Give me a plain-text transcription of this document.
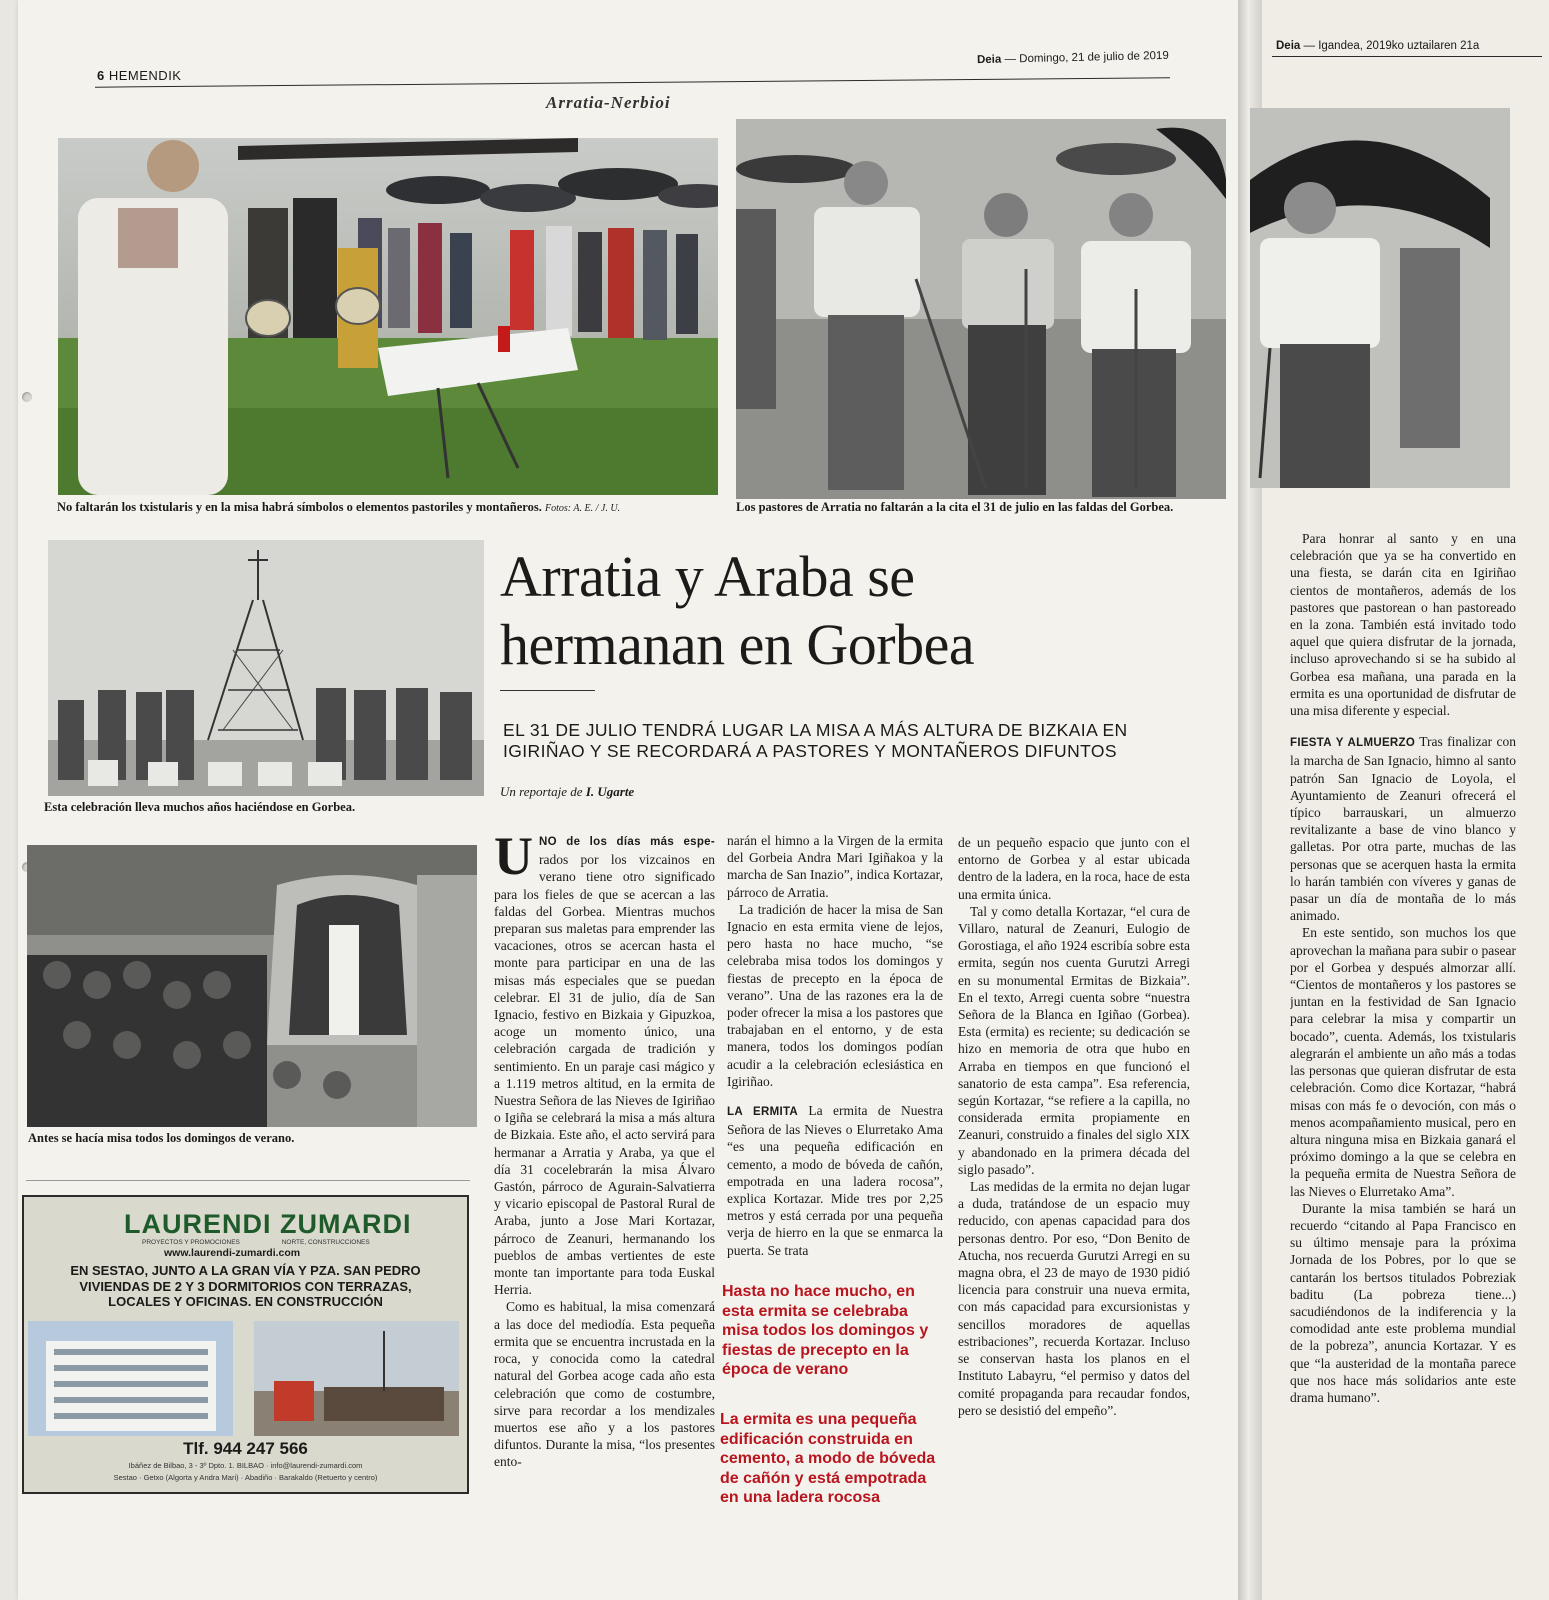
6 HEMENDIK
Deia — Domingo, 21 de julio de 2019
Deia — Igandea, 2019ko uztailaren 21a
Arratia-Nerbioi
No faltarán los txistularis y en la misa habrá símbolos o elementos pastoriles y montañeros. Fotos: A. E. / J. U.	Los pastores de Arratia no faltarán a la cita el 31 de julio en las faldas del Gorbea.
Esta celebración lleva muchos años haciéndose en Gorbea.
Antes se hacía misa todos los domingos de verano.
LAURENDI ZUMARDI
PROYECTOS Y PROMOCIONES	NORTE, CONSTRUCCIONES
www.laurendi-zumardi.com
EN SESTAO, JUNTO A LA GRAN VÍA Y PZA. SAN PEDRO
VIVIENDAS DE 2 Y 3 DORMITORIOS CON TERRAZAS,
LOCALES Y OFICINAS. EN CONSTRUCCIÓN
Tlf. 944 247 566
Ibáñez de Bilbao, 3 - 3º Dpto. 1. BILBAO · info@laurendi-zumardi.com
Sestao · Getxo (Algorta y Andra Mari) · Abadiño · Barakaldo (Retuerto y centro)
Arratia y Araba se
hermanan en Gorbea
EL 31 DE JULIO TENDRÁ LUGAR LA MISA A MÁS ALTURA DE BIZKAIA EN
IGIRIÑAO Y SE RECORDARÁ A PASTORES Y MONTAÑEROS DIFUNTOS
Un reportaje de I. Ugarte
U NO de los días más espe- rados por los vizcainos en verano tiene otro significado para los fieles de que se acercan a las faldas del Gorbea. Mientras muchos preparan sus maletas para emprender las vacaciones, otros se acercan hasta el monte para participar en una de las misas más especiales que se puedan celebrar. El 31 de julio, día de San Ignacio, festivo en Bizkaia y Gipuzkoa, acoge un momento único, una celebración cargada de tradición y sentimiento. En un paraje casi mágico y a 1.119 metros altitud, en la ermita de Nuestra Señora de las Nieves de Igiriñao o Igiña se celebrará la misa a más altura de Bizkaia. Este año, el acto servirá para hermanar a Arratia y Araba, ya que el día 31 cocelebrarán la misa Álvaro Gastón, párroco de Agurain-Salvatierra y vicario episcopal de Pastoral Rural de Araba, junto a Jose Mari Kortazar, párroco de Zeanuri, hermanando los pueblos de ambas vertientes de este monte tan importante para toda Euskal Herria.

Como es habitual, la misa comenzará a las doce del mediodía. Esta pequeña ermita que se encuentra incrustada en la roca, y conocida como la catedral natural del Gorbea acoge cada año esta celebración que como de costumbre, sirve para recordar a los mendizales muertos ese año y a los pastores difuntos. Durante la misa, “los presentes ento-

narán el himno a la Virgen de la ermita del Gorbeia Andra Mari Igiñakoa y la marcha de San Inazio”, indica Kortazar, párroco de Arratia.

La tradición de hacer la misa de San Ignacio en esta ermita viene de lejos, pero hasta no hace mucho, “se celebraba misa todos los domingos y fiestas de precepto en la época de verano”. Una de las razones era la de poder ofrecer la misa a los pastores que trabajaban en el entorno, y de esta manera, todos los domingos podían acudir a la celebración eclesiástica en Igiriñao.

LA ERMITA La ermita de Nuestra Señora de las Nieves o Elurretako Ama “es una pequeña edificación en cemento, a modo de bóveda de cañón, empotrada en una ladera rocosa”, explica Kortazar. Mide tres por 2,25 metros y está cerrada por una pequeña verja de hierro en la que se enmarca la puerta. Se trata

Hasta no hace mucho, en esta ermita se celebraba misa todos los domingos y fiestas de precepto en la época de verano
La ermita es una pequeña edificación construida en cemento, a modo de bóveda de cañón y está empotrada en una ladera rocosa

de un pequeño espacio que junto con el entorno de Gorbea y al estar ubicada dentro de la ladera, en la roca, hace de esta una ermita única.

Tal y como detalla Kortazar, “el cura de Villaro, natural de Zeanuri, Eulogio de Gorostiaga, el año 1924 escribía sobre esta ermita, según nos cuenta Gurutzi Arregi en su monumental Ermitas de Bizkaia”. En el texto, Arregi cuenta sobre “nuestra Señora de la Blanca en Igiñao (Gorbea). Esta (ermita) es reciente; su dedicación se hizo en memoria de otra que hubo en Arraba en tiempos en que funcionó el sanatorio de esta campa”. Esa referencia, según Kortazar, “se refiere a la capilla, no considerada ermita propiamente en Zeanuri, construido a finales del siglo XIX y abandonado en la primera década del siglo pasado”.

Las medidas de la ermita no dejan lugar a duda, tratándose de un espacio muy reducido, con apenas capacidad para dos personas dentro. Por eso, “Don Benito de Atucha, nos recuerda Gurutzi Arregi en su magna obra, el 23 de mayo de 1930 pidió licencia para construir una nueva ermita, con más capacidad para excursionistas y sencillos moradores de aquellas estribaciones”, recuerda Kortazar. Incluso se conservan hasta los planos en el Instituto Labayru, “el permiso y datos del comité propaganda para recaudar fondos, pero se desistió del empeño”.

Para honrar al santo y en una celebración que ya se ha convertido en una fiesta, se darán cita en Igiriñao cientos de montañeros, además de los pastores que pastorean o han pastoreado en la zona. También está invitado todo aquel que quiera disfrutar de la jornada, incluso aprovechando si se ha subido al Gorbea esa mañana, una parada en la ermita es una oportunidad de disfrutar de una misa diferente y especial.

FIESTA Y ALMUERZO Tras finalizar con la marcha de San Ignacio, himno al santo patrón San Ignacio de Loyola, el Ayuntamiento de Zeanuri ofrecerá el típico barrauskari, un almuerzo revitalizante a base de vino blanco y galletas. Por otra parte, muchas de las personas que se acerquen hasta la ermita lo harán también con víveres y ganas de pasar un día de montaña de lo más animado.

En este sentido, son muchos los que aprovechan la mañana para subir o pasear por el Gorbea y después almorzar allí. “Cientos de montañeros y los pastores se juntan en la festividad de San Ignacio para celebrar la misa y compartir un bocado”, cuenta. Además, los txistularis alegrarán el ambiente un año más a todas las personas que quieran disfrutar de esta celebración. Como dice Kortazar, “habrá misas con más fe o devoción, con más o menos acompañamiento musical, pero en altura ninguna misa en Bizkaia ganará el próximo domingo a la que se celebra en la pequeña ermita de Nuestra Señora de las Nieves o Elurretako Ama”.

Durante la misa también se hará un recuerdo “citando al Papa Francisco en su último mensaje para la próxima Jornada de los Pobres, por lo que se cantarán los bertsos titulados Pobreziak baditu (La pobreza tiene...) sacudiéndonos de la indiferencia y la comodidad ante este problema mundial de la pobreza”, anuncia Kortazar. Y es que “la austeridad de la montaña parece que nos hace más solidarios ante este drama humano”.
